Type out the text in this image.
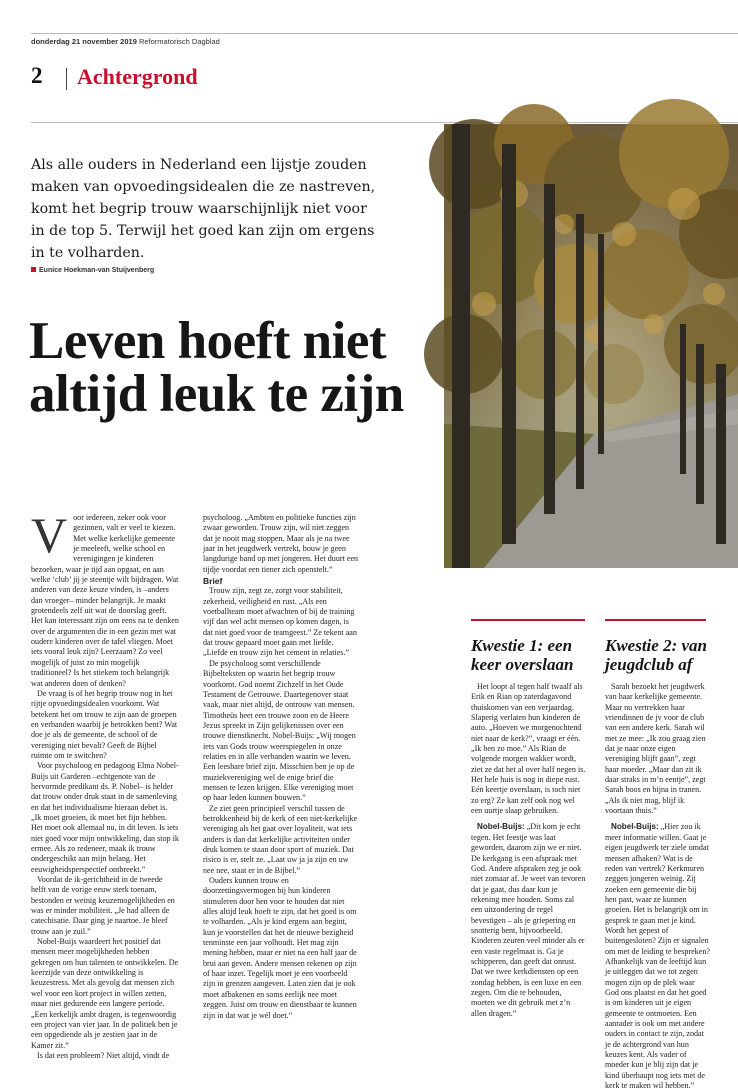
donderdag 21 november 2019 Reformatorisch Dagblad
2 Achtergrond
Als alle ouders in Nederland een lijstje zouden maken van opvoedingsidealen die ze nastreven, komt het begrip trouw waarschijnlijk niet voor in de top 5. Terwijl het goed kan zijn om ergens in te volharden.
Eunice Hoekman-van Stuijvenberg
Leven hoeft niet altijd leuk te zijn

Voor iedereen, zeker ook voor gezinnen, valt er veel te kiezen. Met welke kerkelijke gemeente je meeleeft, welke school en verenigingen je kinderen bezoeken, waar je tijd aan opgaat, en aan welke ‘club’ jij je steentje wilt bijdragen. Wat anderen van deze keuze vinden, is –anders dan vroeger– minder belangrijk. Je maakt grotendeels zelf uit wat de doorslag geeft. Het kan interessant zijn om eens na te denken over de argumenten die in een gezin met wat oudere kinderen over de tafel vliegen. Moet iets vooral leuk zijn? Leerzaam? Zo veel mogelijk of juist zo min mogelijk traditioneel? Is het stiekem toch belangrijk wat anderen doen of denken?

De vraag is of het begrip trouw nog in het rijtje opvoedingsidealen voorkomt. Wat betekent het om trouw te zijn aan de groepen en verbanden waarbij je betrokken bent? Wat doe je als de gemeente, de school of de vereniging niet bevalt? Geeft de Bijbel ruimte om te switchen?

Voor psycholoog en pedagoog Elma Nobel-Buijs uit Garderen –echtgenote van de hervormde predikant ds. P. Nobel– is helder dat trouw onder druk staat in de samenleving en dat het individualisme hieraan debet is. „Ik moet groeien, ik moet het fijn hebben. Het moet ook allemaal nu, in dit leven. Is iets niet goed voor mijn ontwikkeling, dan stop ik ermee. Als zo redeneer, maak ik trouw ondergeschikt aan mijn belang. Het eeuwigheidsperspectief ontbreekt.”

Voordat de ik-gerichtheid in de tweede helft van de vorige eeuw sterk toenam, bestonden er weinig keuzemogelijkheden en was er minder mobiliteit. „Je had alleen de catechisatie. Daar ging je naartoe. Je bleef trouw aan je zuil.”

Nobel-Buijs waardeert het positief dat mensen meer mogelijkheden hebben gekregen om hun talenten te ontwikkelen. De keerzijde van deze ontwikkeling is keuzestress. Met als gevolg dat mensen zich wel voor een kort project in willen zetten, maar niet gedurende een langere periode. „Een kerkelijk ambt dragen, is tegenwoordig een project van vier jaar. In de politiek ben je een opgediende als je zestien jaar in de Kamer zit.”

Is dat een probleem? Niet altijd, vindt de

psycholoog. „Ambten en politieke functies zijn zwaar geworden. Trouw zijn, wil niet zeggen dat je nooit mag stoppen. Maar als je na twee jaar in het jeugdwerk vertrekt, bouw je geen langdurige band op met jongeren. Het duurt een tijdje voordat een tiener zich openstelt.”

Brief

Trouw zijn, zegt ze, zorgt voor stabiliteit, zekerheid, veiligheid en rust. „Als een voetballteam moet afwachten of bij de training vijf dan wel acht mensen op komen dagen, is dat niet goed voor de teamgeest.” Ze tekent aan dat trouw gepaard moet gaan met liefde. „Liefde en trouw zijn het cement in relaties.”

De psycholoog somt verschillende Bijbelteksten op waarin het begrip trouw voorkomt. God noemt Zichzelf in het Oude Testament de Getrouwe. Daartegenover staat vaak, maar niet altijd, de ontrouw van mensen. Timotheüs heet een trouwe zoon en de Heere Jezus spreekt in Zijn gelijkenissen over een trouwe dienstknecht. Nobel-Buijs: „Wij mogen iets van Gods trouw weerspiegelen in onze relaties en in alle verbanden waarin we leven. Een leesbare brief zijn. Misschien ben je op de muziekvereniging wel de enige brief die mensen te lezen krijgen. Elke vereniging moet op haar leden kunnen bouwen.”

Ze ziet geen principieel verschil tussen de betrokkenheid bij de kerk of een niet-kerkelijke vereniging als het gaat over loyaliteit, wat iets anders is dan dat kerkelijke activiteiten onder druk komen te staan door sport of muziek. Dat risico is er, stelt ze. „Laat uw ja ja zijn en uw nee nee, staat er in de Bijbel.”

Ouders kunnen trouw en doorzettingsvermogen bij hun kinderen stimuleren door hen voor te houden dat niet alles altijd leuk hoeft te zijn, dat het goed is om te volharden. „Als je kind ergens aan begint, kun je voorstellen dat het de nieuwe bezigheid tenminste een jaar volhoudt. Het mag zijn mening hebben, maar er niet na een half jaar de brui aan geven. Andere mensen rekenen op zijn of haar inzet. Tegelijk moet je een voorbeeld zijn in grenzen aangeven. Laten zien dat je ook moet afbakenen en soms eerlijk nee moet zeggen. Juist om trouw en dienstbaar te kunnen zijn in dat wat je wél doet.”

Kwestie 1: een keer overslaan

Het loopt al tegen half twaalf als Erik en Rian op zaterdagavond thuiskomen van een verjaardag. Slaperig verlaten hun kinderen de auto. „Hoeven we morgenochtend niet naar de kerk?”, vraagt er één. „Ik ben zo moe.” Als Rian de volgende morgen wakker wordt, ziet ze dat het al over half negen is. Het hele huis is nog in diepe rust. Eén keertje overslaan, is toch niet zo erg? Ze kan zelf ook nog wel een uurtje slaap gebruiken.

Nobel-Buijs: „Dit kom je echt tegen. Het feestje was laat geworden, daarom zijn we er niet. De kerkgang is een afspraak met God. Andere afspraken zeg je ook niet zomaar af. Je weet van tevoren dat je gaat, dus daar kun je rekening mee houden. Soms zal een uitzondering de regel bevestigen – als je griepering en snotterig bent, bijvoorbeeld. Kinderen zeuren veel minder als er een vaste regelmaat is. Ga je schipperen, dan geeft dat onrust. Dat we twee kerkdiensten op een zondag hebben, is een luxe en een zegen. Om die te behouden, moeten we dit gebruik met z’n allen dragen.”

Kwestie 2: van jeugdclub af

Sarah bezoekt het jeugdwerk van haar kerkelijke gemeente. Maar nu vertrekken haar vriendinnen de jv voor de club van een andere kerk. Sarah wil met ze mee: „Ik zou graag zien dat je naar onze eigen vereniging blijft gaan”, zegt haar moeder. „Maar dan zit ik daar straks in m’n eentje”, zegt Sarah boos en bijna in tranen. „Als ik niet mag, blijf ik voortaan thuis.”

Nobel-Buijs: „Hier zou ik meer informatie willen. Gaat je eigen jeugdwerk ter ziele omdat mensen afhaken? Wat is de reden van vertrek? Kerkmuren zeggen jongeren weinig. Zij zoeken een gemeente die bij hen past, waar ze kunnen groeien. Het is belangrijk om in gesprek te gaan met je kind. Wordt het gepest of buitengesloten? Zijn er signalen om met de leiding te bespreken? Afhankelijk van de leeftijd kun je uitleggen dat we tot zegen mogen zijn op de plek waar God ons plaatst en dat het goed is om kinderen uit je eigen gemeente te ontmoeten. Een aanrader is ook om met andere ouders in contact te zijn, zodat je de achtergrond van hun keuzes kent. Als vader of moeder kun je blij zijn dat je kind überhaupt nog iets met de kerk te maken wil hebben.”
